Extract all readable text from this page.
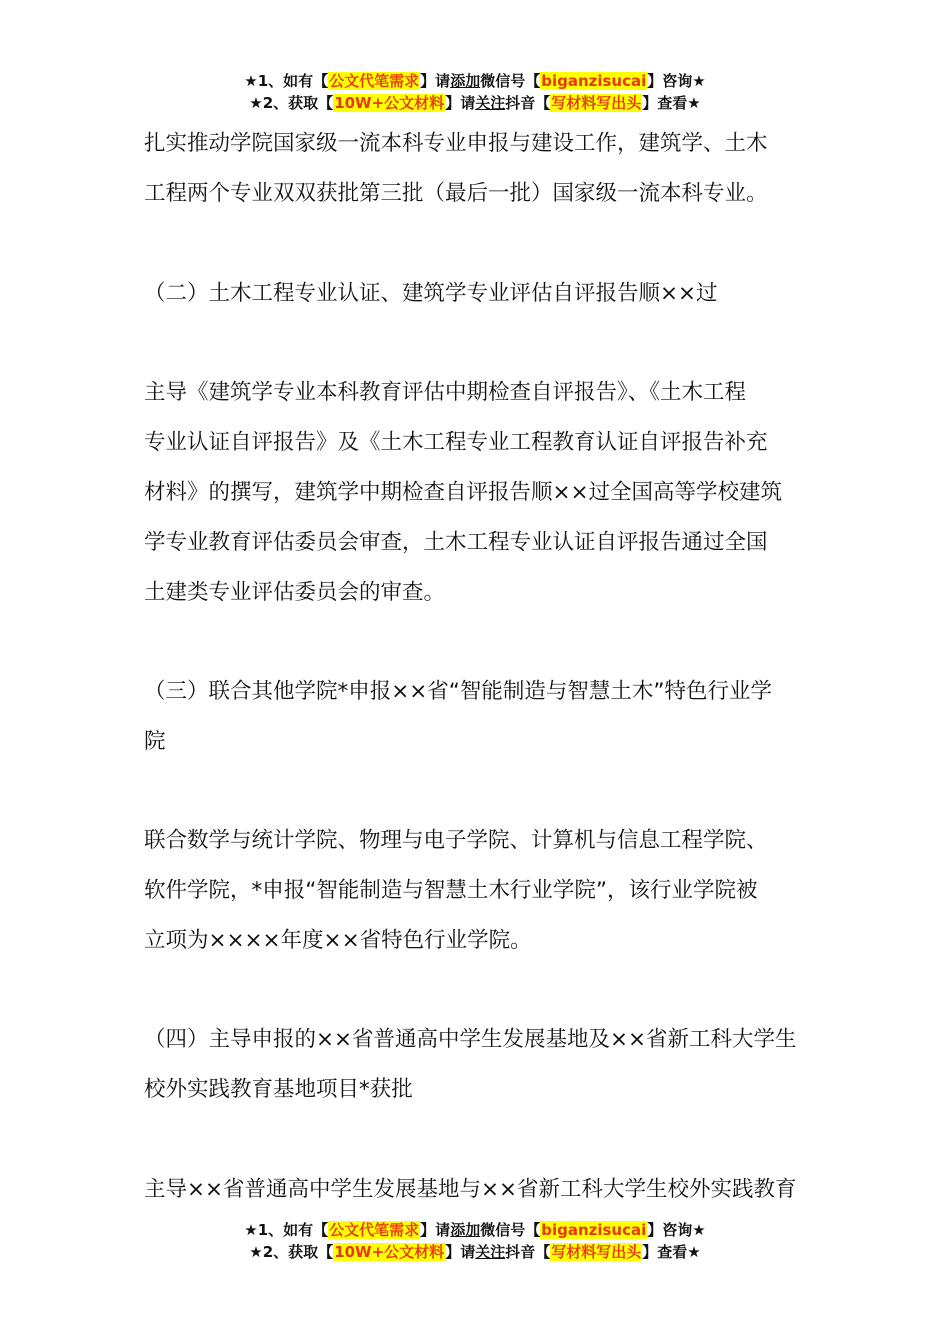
★1、如有【公文代笔需求】请添加微信号【biganzisucai】咨询★
★2、获取【10W+公文材料】请关注抖音【写材料写出头】查看★
扎实推动学院国家级一流本科专业申报与建设工作，建筑学、土木
工程两个专业双双获批第三批（最后一批）国家级一流本科专业。
（二）土木工程专业认证、建筑学专业评估自评报告顺××过
主导《建筑学专业本科教育评估中期检查自评报告》、《土木工程
专业认证自评报告》及《土木工程专业工程教育认证自评报告补充
材料》的撰写，建筑学中期检查自评报告顺××过全国高等学校建筑
学专业教育评估委员会审查，土木工程专业认证自评报告通过全国
土建类专业评估委员会的审查。
（三）联合其他学院*申报××省“智能制造与智慧土木”特色行业学
院
联合数学与统计学院、物理与电子学院、计算机与信息工程学院、
软件学院，*申报“智能制造与智慧土木行业学院”，该行业学院被
立项为××××年度××省特色行业学院。
（四）主导申报的××省普通高中学生发展基地及××省新工科大学生
校外实践教育基地项目*获批
主导××省普通高中学生发展基地与××省新工科大学生校外实践教育
★1、如有【公文代笔需求】请添加微信号【biganzisucai】咨询★
★2、获取【10W+公文材料】请关注抖音【写材料写出头】查看★
